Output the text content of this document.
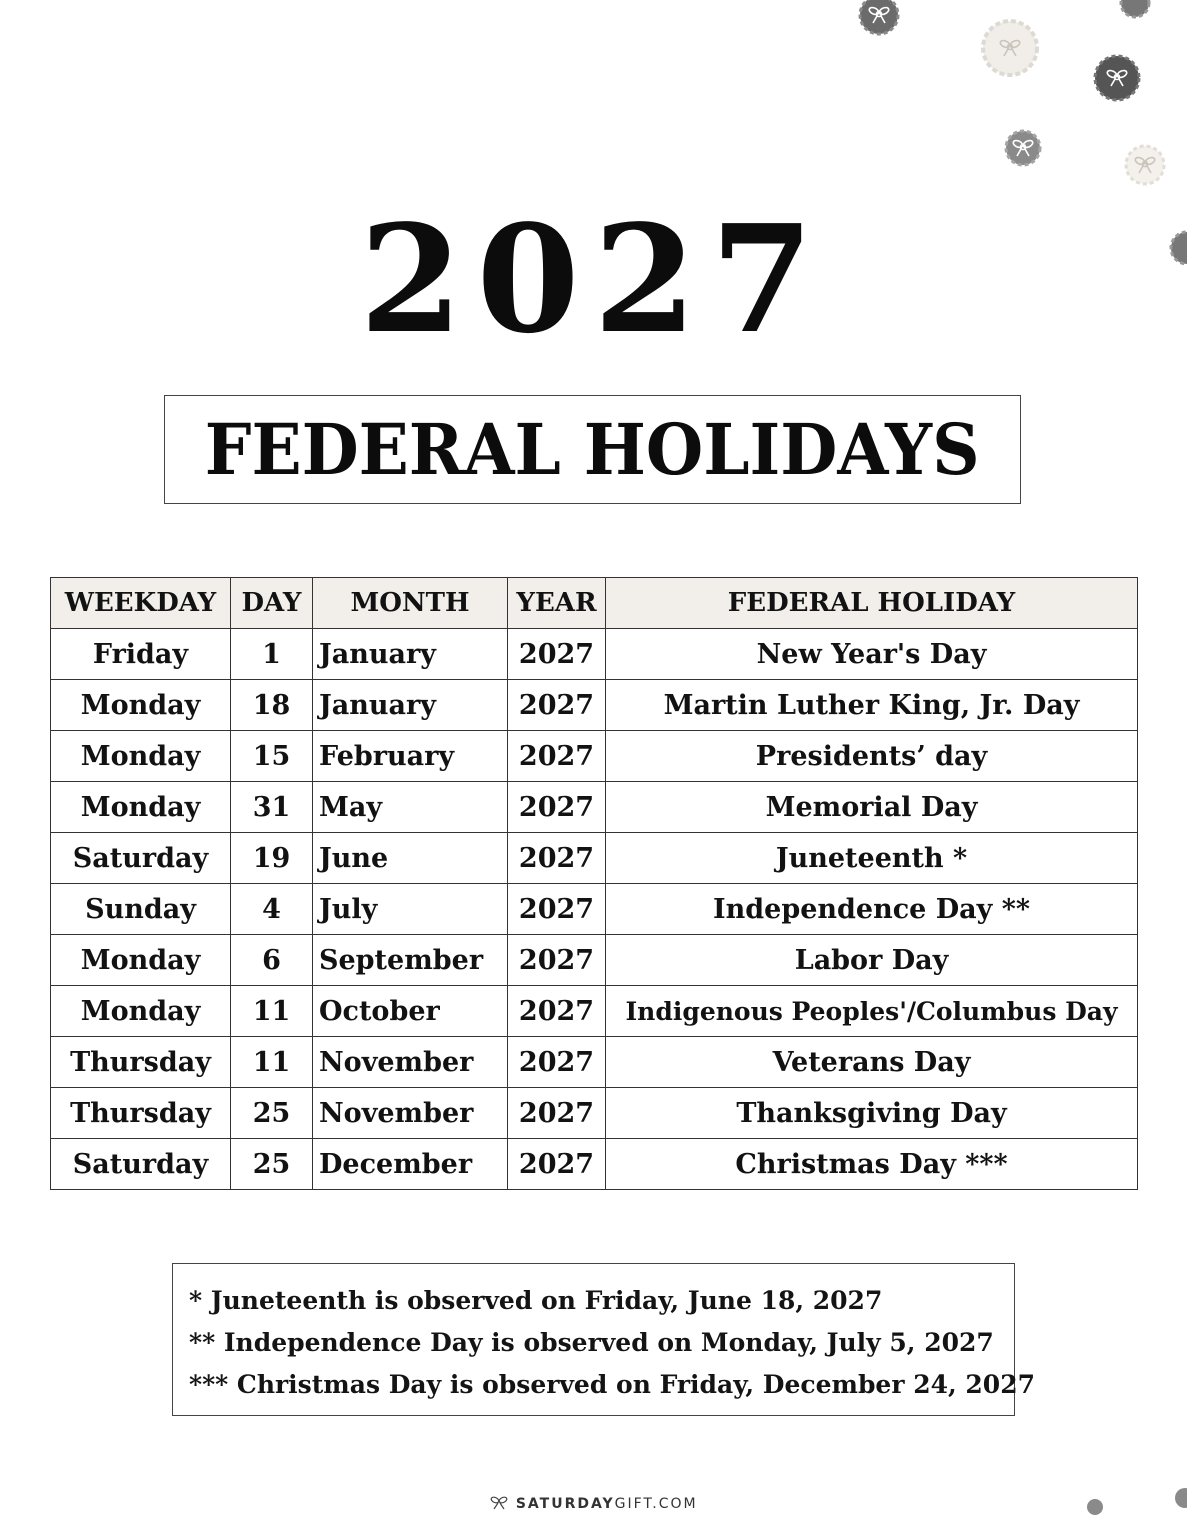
2027
FEDERAL HOLIDAYS
WEEKDAY	DAY	MONTH	YEAR	FEDERAL HOLIDAY
Friday	1	January	2027	New Year's Day
Monday	18	January	2027	Martin Luther King, Jr. Day
Monday	15	February	2027	Presidents’ day
Monday	31	May	2027	Memorial Day
Saturday	19	June	2027	Juneteenth *
Sunday	4	July	2027	Independence Day **
Monday	6	September	2027	Labor Day
Monday	11	October	2027	Indigenous Peoples'/Columbus Day
Thursday	11	November	2027	Veterans Day
Thursday	25	November	2027	Thanksgiving Day
Saturday	25	December	2027	Christmas Day ***

* Juneteenth is observed on Friday, June 18, 2027

** Independence Day is observed on Monday, July 5, 2027

*** Christmas Day is observed on Friday, December 24, 2027

SATURDAYGIFT.COM
